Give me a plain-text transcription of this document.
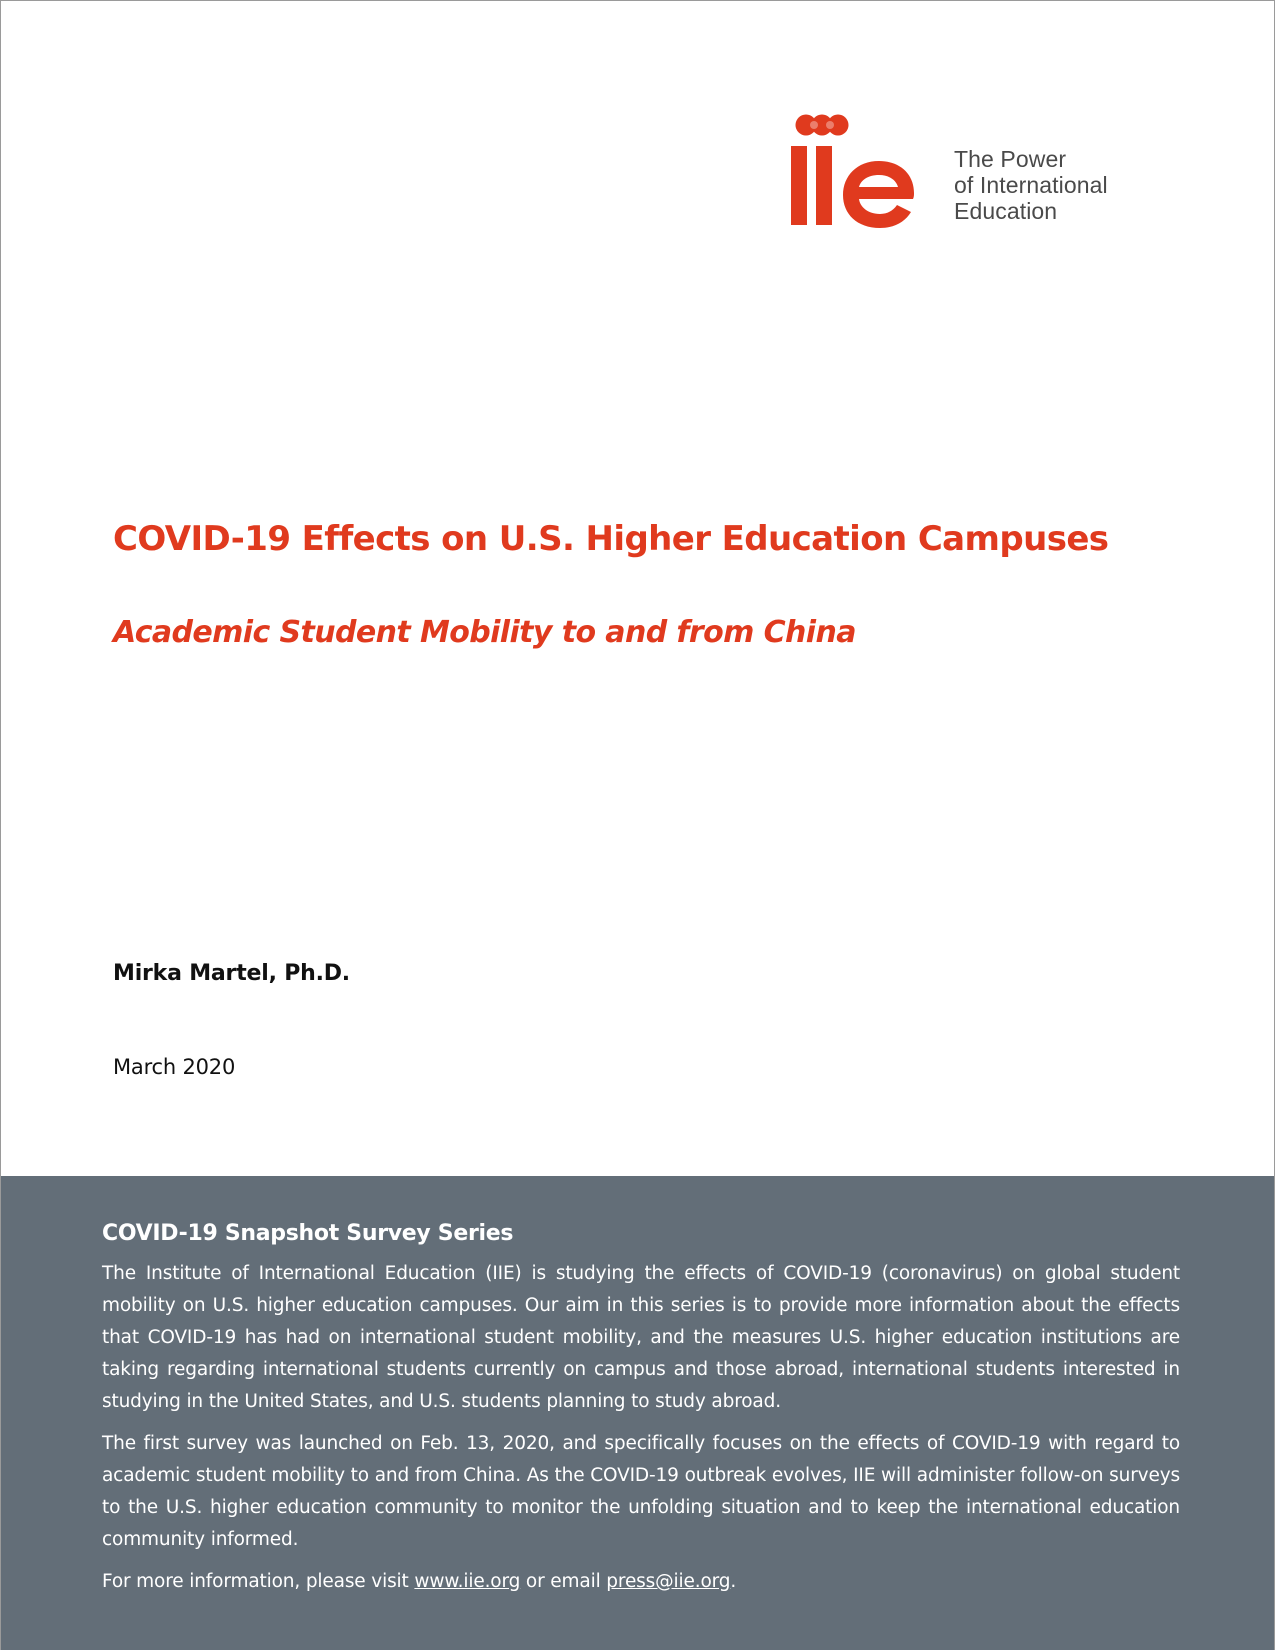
The Power
of International
Education
COVID-19 Effects on U.S. Higher Education Campuses
Academic Student Mobility to and from China

Mirka Martel, Ph.D.

March 2020

COVID-19 Snapshot Survey Series

The Institute of International Education (IIE) is studying the effects of COVID-19 (coronavirus) on global student mobility on U.S. higher education campuses. Our aim in this series is to provide more information about the effects that COVID-19 has had on international student mobility, and the measures U.S. higher education institutions are taking regarding international students currently on campus and those abroad, international students interested in studying in the United States, and U.S. students planning to study abroad.

The first survey was launched on Feb. 13, 2020, and specifically focuses on the effects of COVID-19 with regard to academic student mobility to and from China. As the COVID-19 outbreak evolves, IIE will administer follow-on surveys to the U.S. higher education community to monitor the unfolding situation and to keep the international education community informed.

For more information, please visit www.iie.org or email press@iie.org.
